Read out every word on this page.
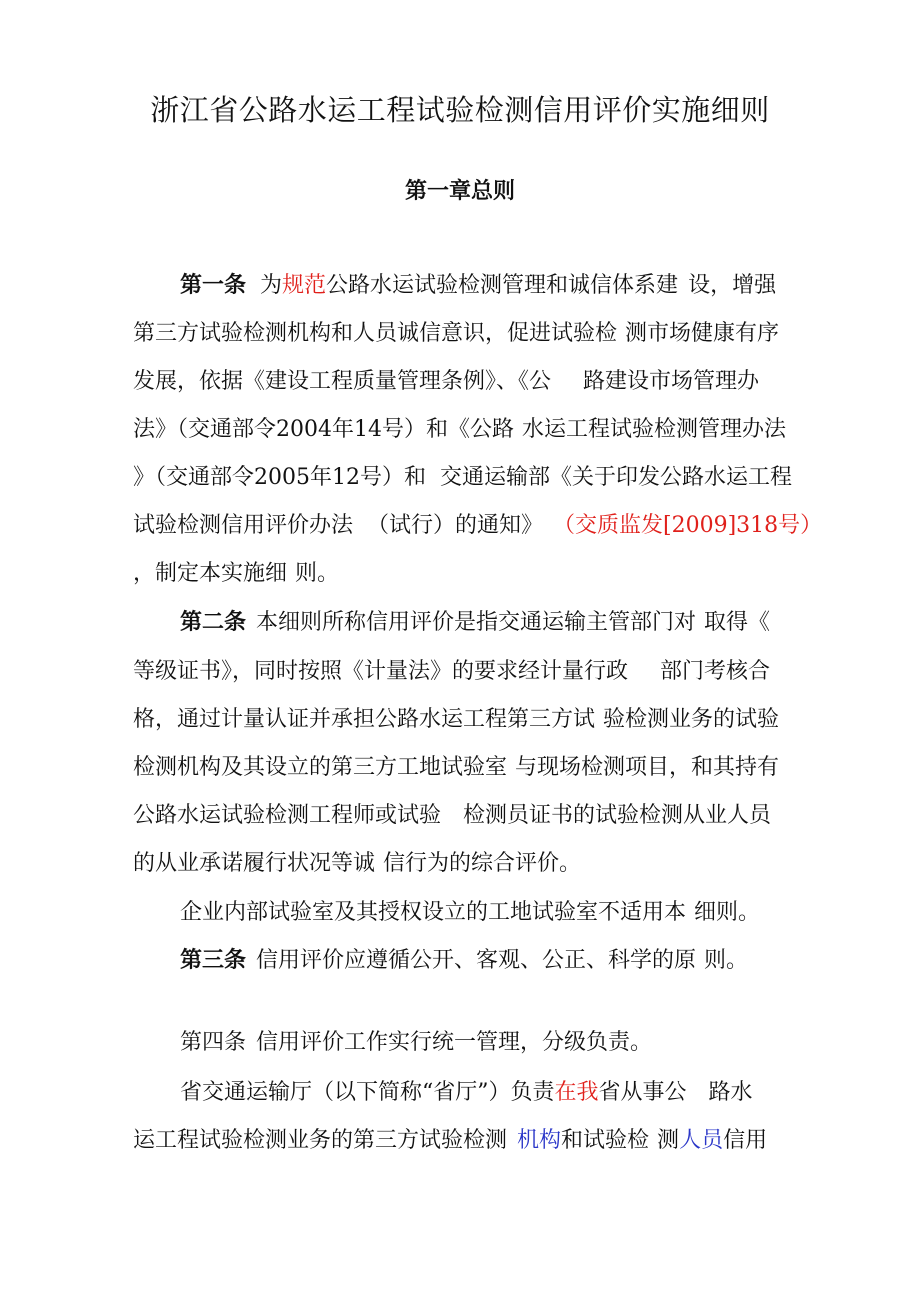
浙江省公路水运工程试验检测信用评价实施细则
第一章总则
第一条 为规范公路水运试验检测管理和诚信体系建 设，增强
第三方试验检测机构和人员诚信意识，促进试验检 测市场健康有序
发展，依据《建设工程质量管理条例》、《公 路建设市场管理办
法》（交通部令2004年14号）和《公路 水运工程试验检测管理办法
》（交通部令2005年12号）和 交通运输部《关于印发公路水运工程
试验检测信用评价办法 （试行）的通知》 （交质监发[2009]318号）
，制定本实施细 则。
第二条 本细则所称信用评价是指交通运输主管部门对 取得《
等级证书》，同时按照《计量法》的要求经计量行政 部门考核合
格，通过计量认证并承担公路水运工程第三方试 验检测业务的试验
检测机构及其设立的第三方工地试验室 与现场检测项目，和其持有
公路水运试验检测工程师或试验 检测员证书的试验检测从业人员
的从业承诺履行状况等诚 信行为的综合评价。
企业内部试验室及其授权设立的工地试验室不适用本 细则。
第三条 信用评价应遵循公开、客观、公正、科学的原 则。
第四条 信用评价工作实行统一管理，分级负责。
省交通运输厅（以下简称“省厅”）负责在我省从事公 路水
运工程试验检测业务的第三方试验检测 机构和试验检 测人员信用
